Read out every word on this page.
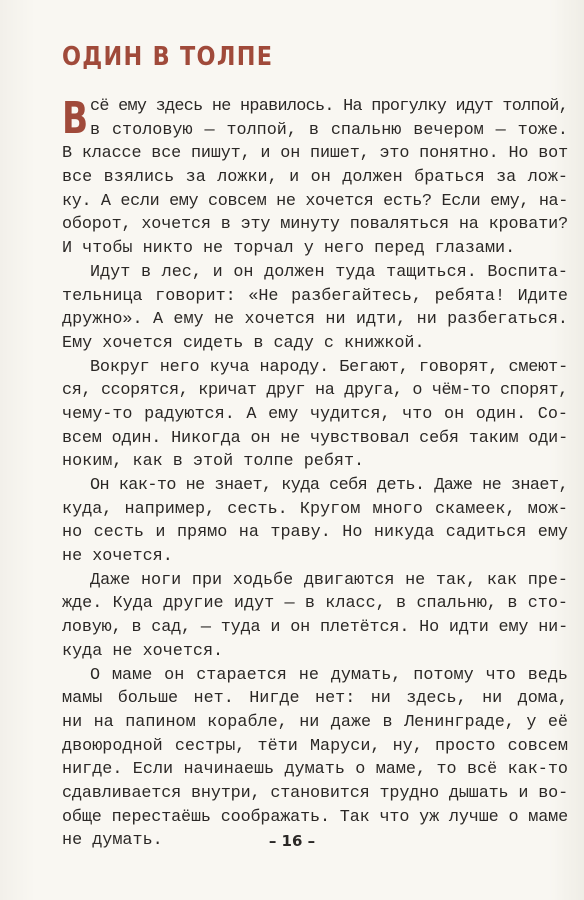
ОДИН В ТОЛПЕ
В сё ему здесь не нравилось. На прогулку идут толпой,
в столовую — толпой, в спальню вечером — тоже.
В классе все пишут, и он пишет, это понятно. Но вот
все взялись за ложки, и он должен браться за лож-
ку. А если ему совсем не хочется есть? Если ему, на-
оборот, хочется в эту минуту поваляться на кровати?
И чтобы никто не торчал у него перед глазами.
Идут в лес, и он должен туда тащиться. Воспита-
тельница говорит: «Не разбегайтесь, ребята! Идите
дружно». А ему не хочется ни идти, ни разбегаться.
Ему хочется сидеть в саду с книжкой.
Вокруг него куча народу. Бегают, говорят, смеют-
ся, ссорятся, кричат друг на друга, о чём-то спорят,
чему-то радуются. А ему чудится, что он один. Со-
всем один. Никогда он не чувствовал себя таким оди-
ноким, как в этой толпе ребят.
Он как-то не знает, куда себя деть. Даже не знает,
куда, например, сесть. Кругом много скамеек, мож-
но сесть и прямо на траву. Но никуда садиться ему
не хочется.
Даже ноги при ходьбе двигаются не так, как пре-
жде. Куда другие идут — в класс, в спальню, в сто-
ловую, в сад, — туда и он плетётся. Но идти ему ни-
куда не хочется.
О маме он старается не думать, потому что ведь
мамы больше нет. Нигде нет: ни здесь, ни дома,
ни на папином корабле, ни даже в Ленинграде, у её
двоюродной сестры, тёти Маруси, ну, просто совсем
нигде. Если начинаешь думать о маме, то всё как-то
сдавливается внутри, становится трудно дышать и во-
обще перестаёшь соображать. Так что уж лучше о маме
не думать.	– 16 –
